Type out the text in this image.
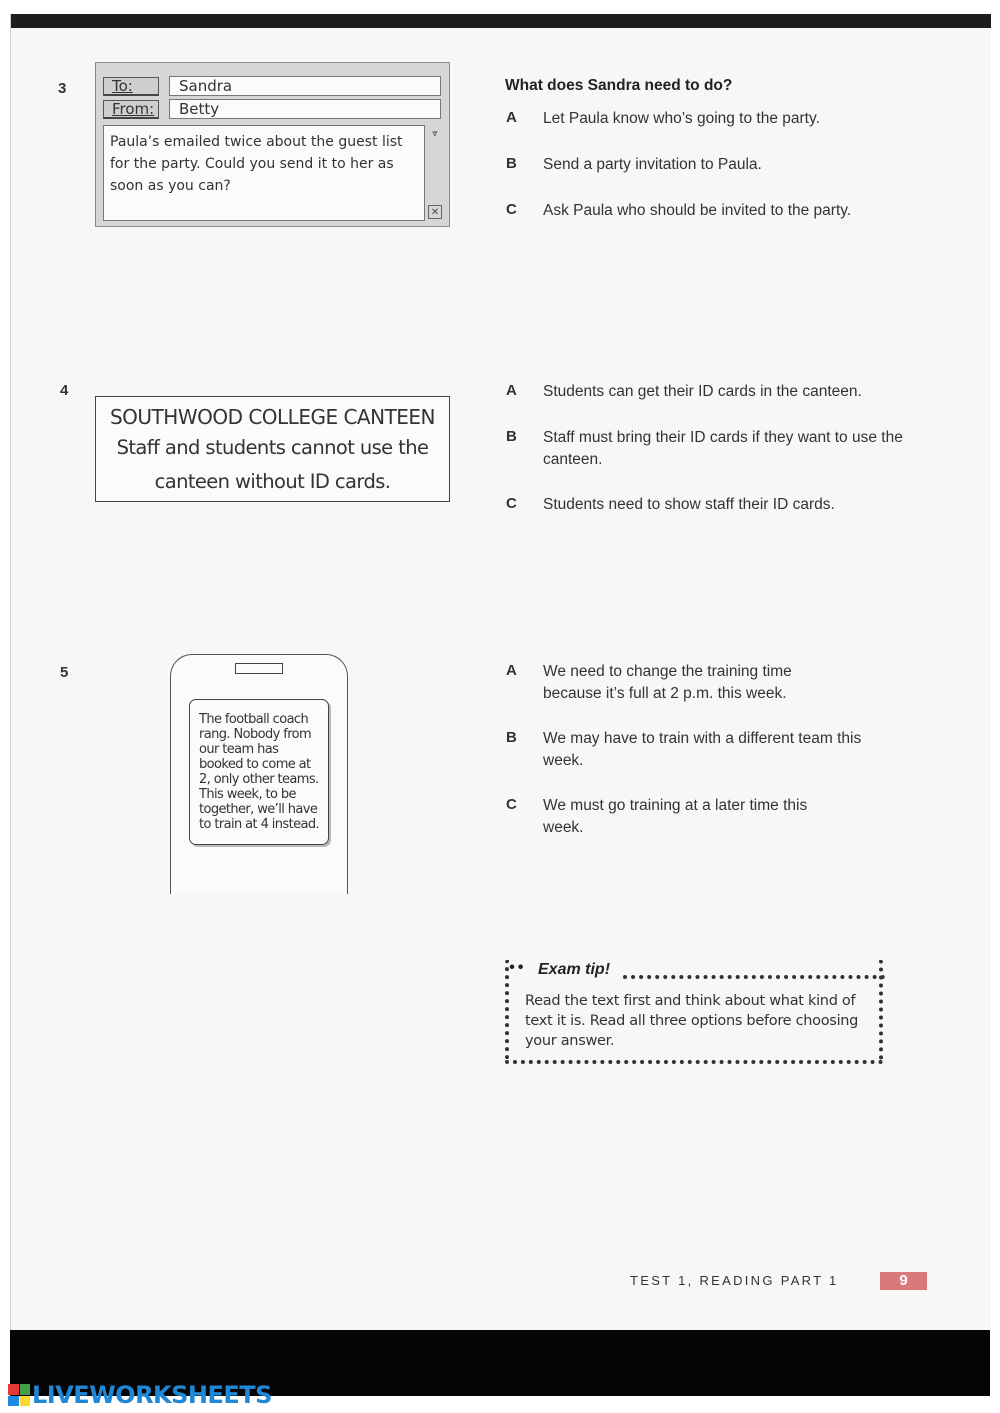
3	To:	Sandra
From:	Betty
Paula’s emailed twice about the guest list for the party. Could you send it to her as soon as you can?
⩔
✕
What does Sandra need to do?
A Let Paula know who’s going to the party.
B Send a party invitation to Paula.
C Ask Paula who should be invited to the party.
4
SOUTHWOOD COLLEGE CANTEEN
Staff and students cannot use the canteen without ID cards.
A Students can get their ID cards in the canteen.
B Staff must bring their ID cards if they want to use the canteen.
C Students need to show staff their ID cards.
5
The football coach rang. Nobody from our team has booked to come at 2, only other teams. This week, to be together, we’ll have to train at 4 instead.
A We need to change the training time because it’s full at 2 p.m. this week.
B We may have to train with a different team this week.
C We must go training at a later time this week.
•• Exam tip!
Read the text first and think about what kind of text it is. Read all three options before choosing your answer.
TEST 1, READING PART 1	9
LIVEWORKSHEETS
